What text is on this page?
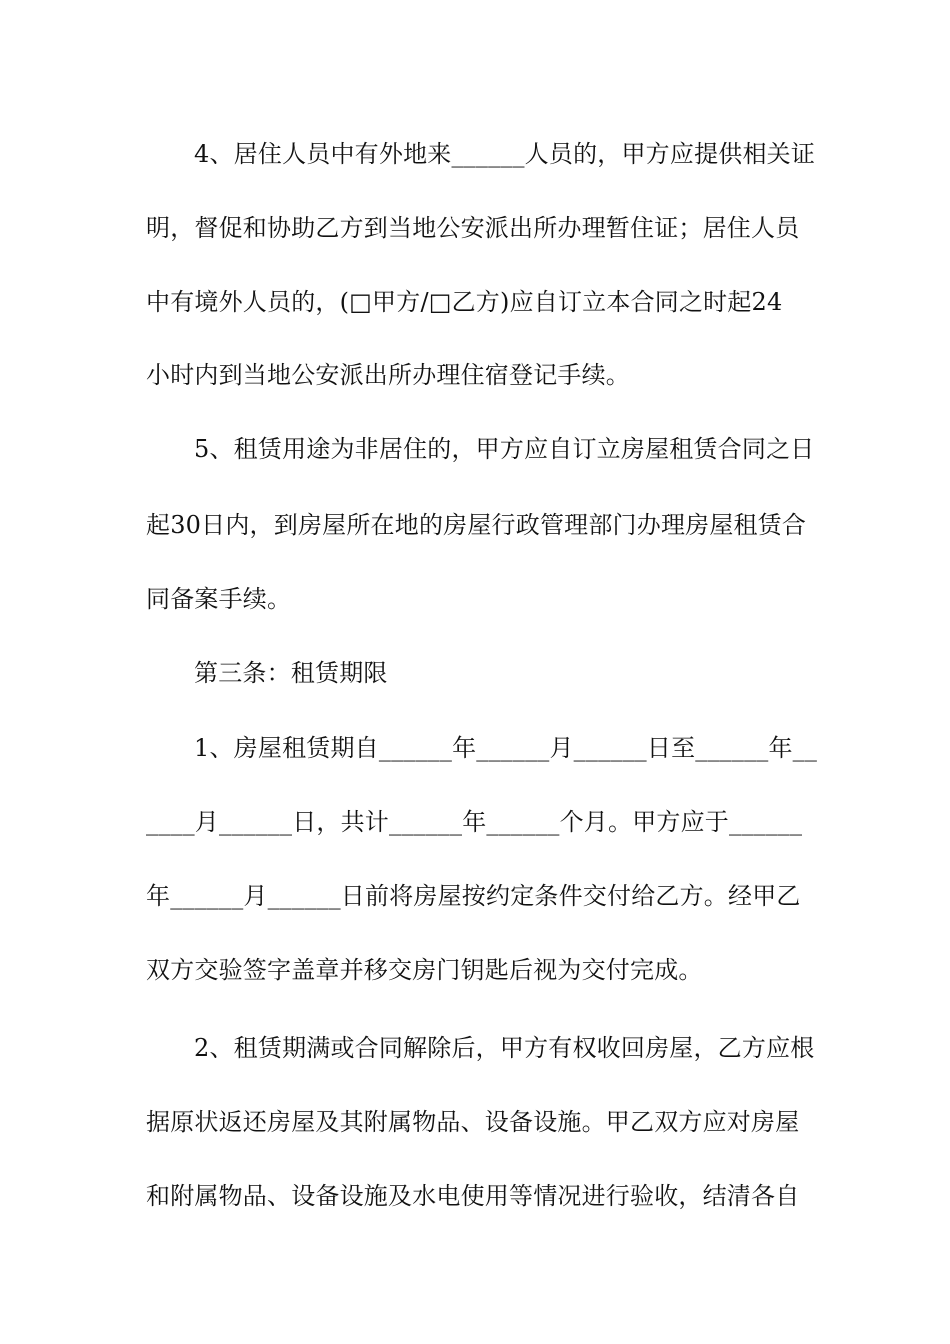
4、居住人员中有外地来______人员的，甲方应提供相关证
明，督促和协助乙方到当地公安派出所办理暂住证；居住人员
中有境外人员的，(□甲方/□乙方)应自订立本合同之时起24
小时内到当地公安派出所办理住宿登记手续。
5、租赁用途为非居住的，甲方应自订立房屋租赁合同之日
起30日内，到房屋所在地的房屋行政管理部门办理房屋租赁合
同备案手续。
第三条：租赁期限
1、房屋租赁期自______年______月______日至______年__
____月______日，共计______年______个月。甲方应于______
年______月______日前将房屋按约定条件交付给乙方。经甲乙
双方交验签字盖章并移交房门钥匙后视为交付完成。
2、租赁期满或合同解除后，甲方有权收回房屋，乙方应根
据原状返还房屋及其附属物品、设备设施。甲乙双方应对房屋
和附属物品、设备设施及水电使用等情况进行验收，结清各自
